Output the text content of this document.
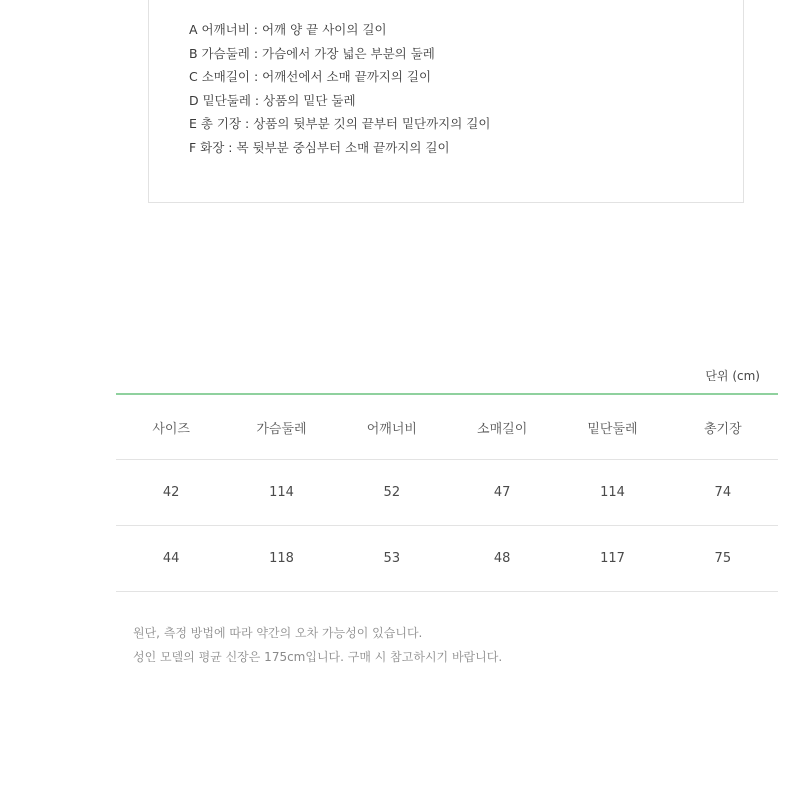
A 어깨너비 : 어깨 양 끝 사이의 길이
B 가슴둘레 : 가슴에서 가장 넓은 부분의 둘레
C 소매길이 : 어깨선에서 소매 끝까지의 길이
D 밑단둘레 : 상품의 밑단 둘레
E 총 기장 : 상품의 뒷부분 깃의 끝부터 밑단까지의 길이
F 화장 : 목 뒷부분 중심부터 소매 끝까지의 길이
단위 (cm)
사이즈	가슴둘레	어깨너비	소매길이	밑단둘레	총기장
42	114	52	47	114	74
44	118	53	48	117	75
원단, 측정 방법에 따라 약간의 오차 가능성이 있습니다.
성인 모델의 평균 신장은 175cm입니다. 구매 시 참고하시기 바랍니다.
